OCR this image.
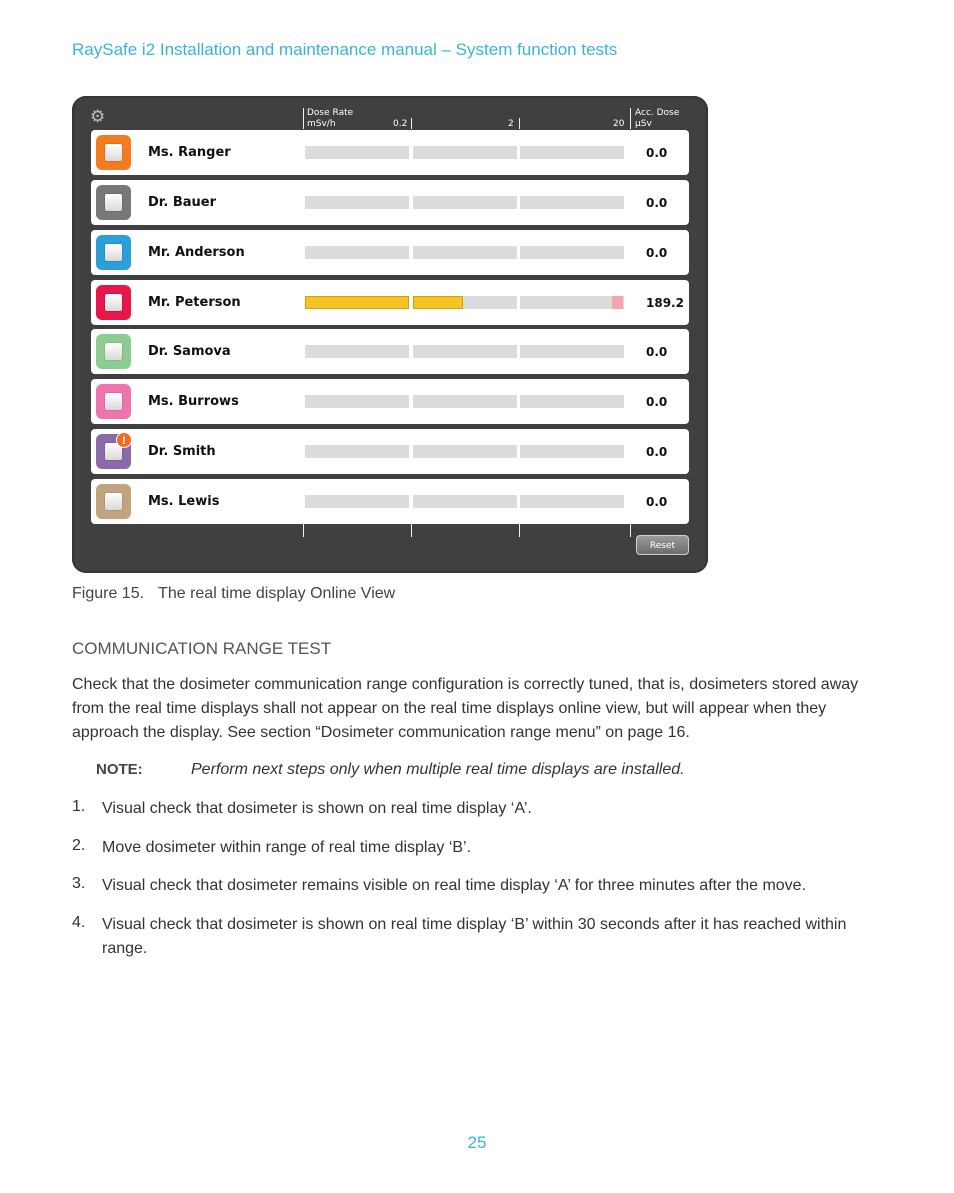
RaySafe i2 Installation and maintenance manual – System function tests
⚙	Dose Rate
mSv/h	0.2	2	20
Acc. Dose
μSv
Ms. Ranger	0.0
Dr. Bauer	0.0
Mr. Anderson	0.0
Mr. Peterson	189.2
Dr. Samova	0.0
Ms. Burrows	0.0
!
Dr. Smith	0.0
Ms. Lewis	0.0
Reset
Figure 15. The real time display Online View
COMMUNICATION RANGE TEST

Check that the dosimeter communication range configuration is correctly tuned, that is, dosimeters stored away from the real time displays shall not appear on the real time displays online view, but will appear when they approach the display. See section “Dosimeter communication range menu” on page 16.

NOTE:	Perform next steps only when multiple real time displays are installed.
1. Visual check that dosimeter is shown on real time display ‘A’.

2. Move dosimeter within range of real time display ‘B’.

3. Visual check that dosimeter remains visible on real time display ‘A’ for three minutes after the move.

4. Visual check that dosimeter is shown on real time display ‘B’ within 30 seconds after it has reached within range.

25
